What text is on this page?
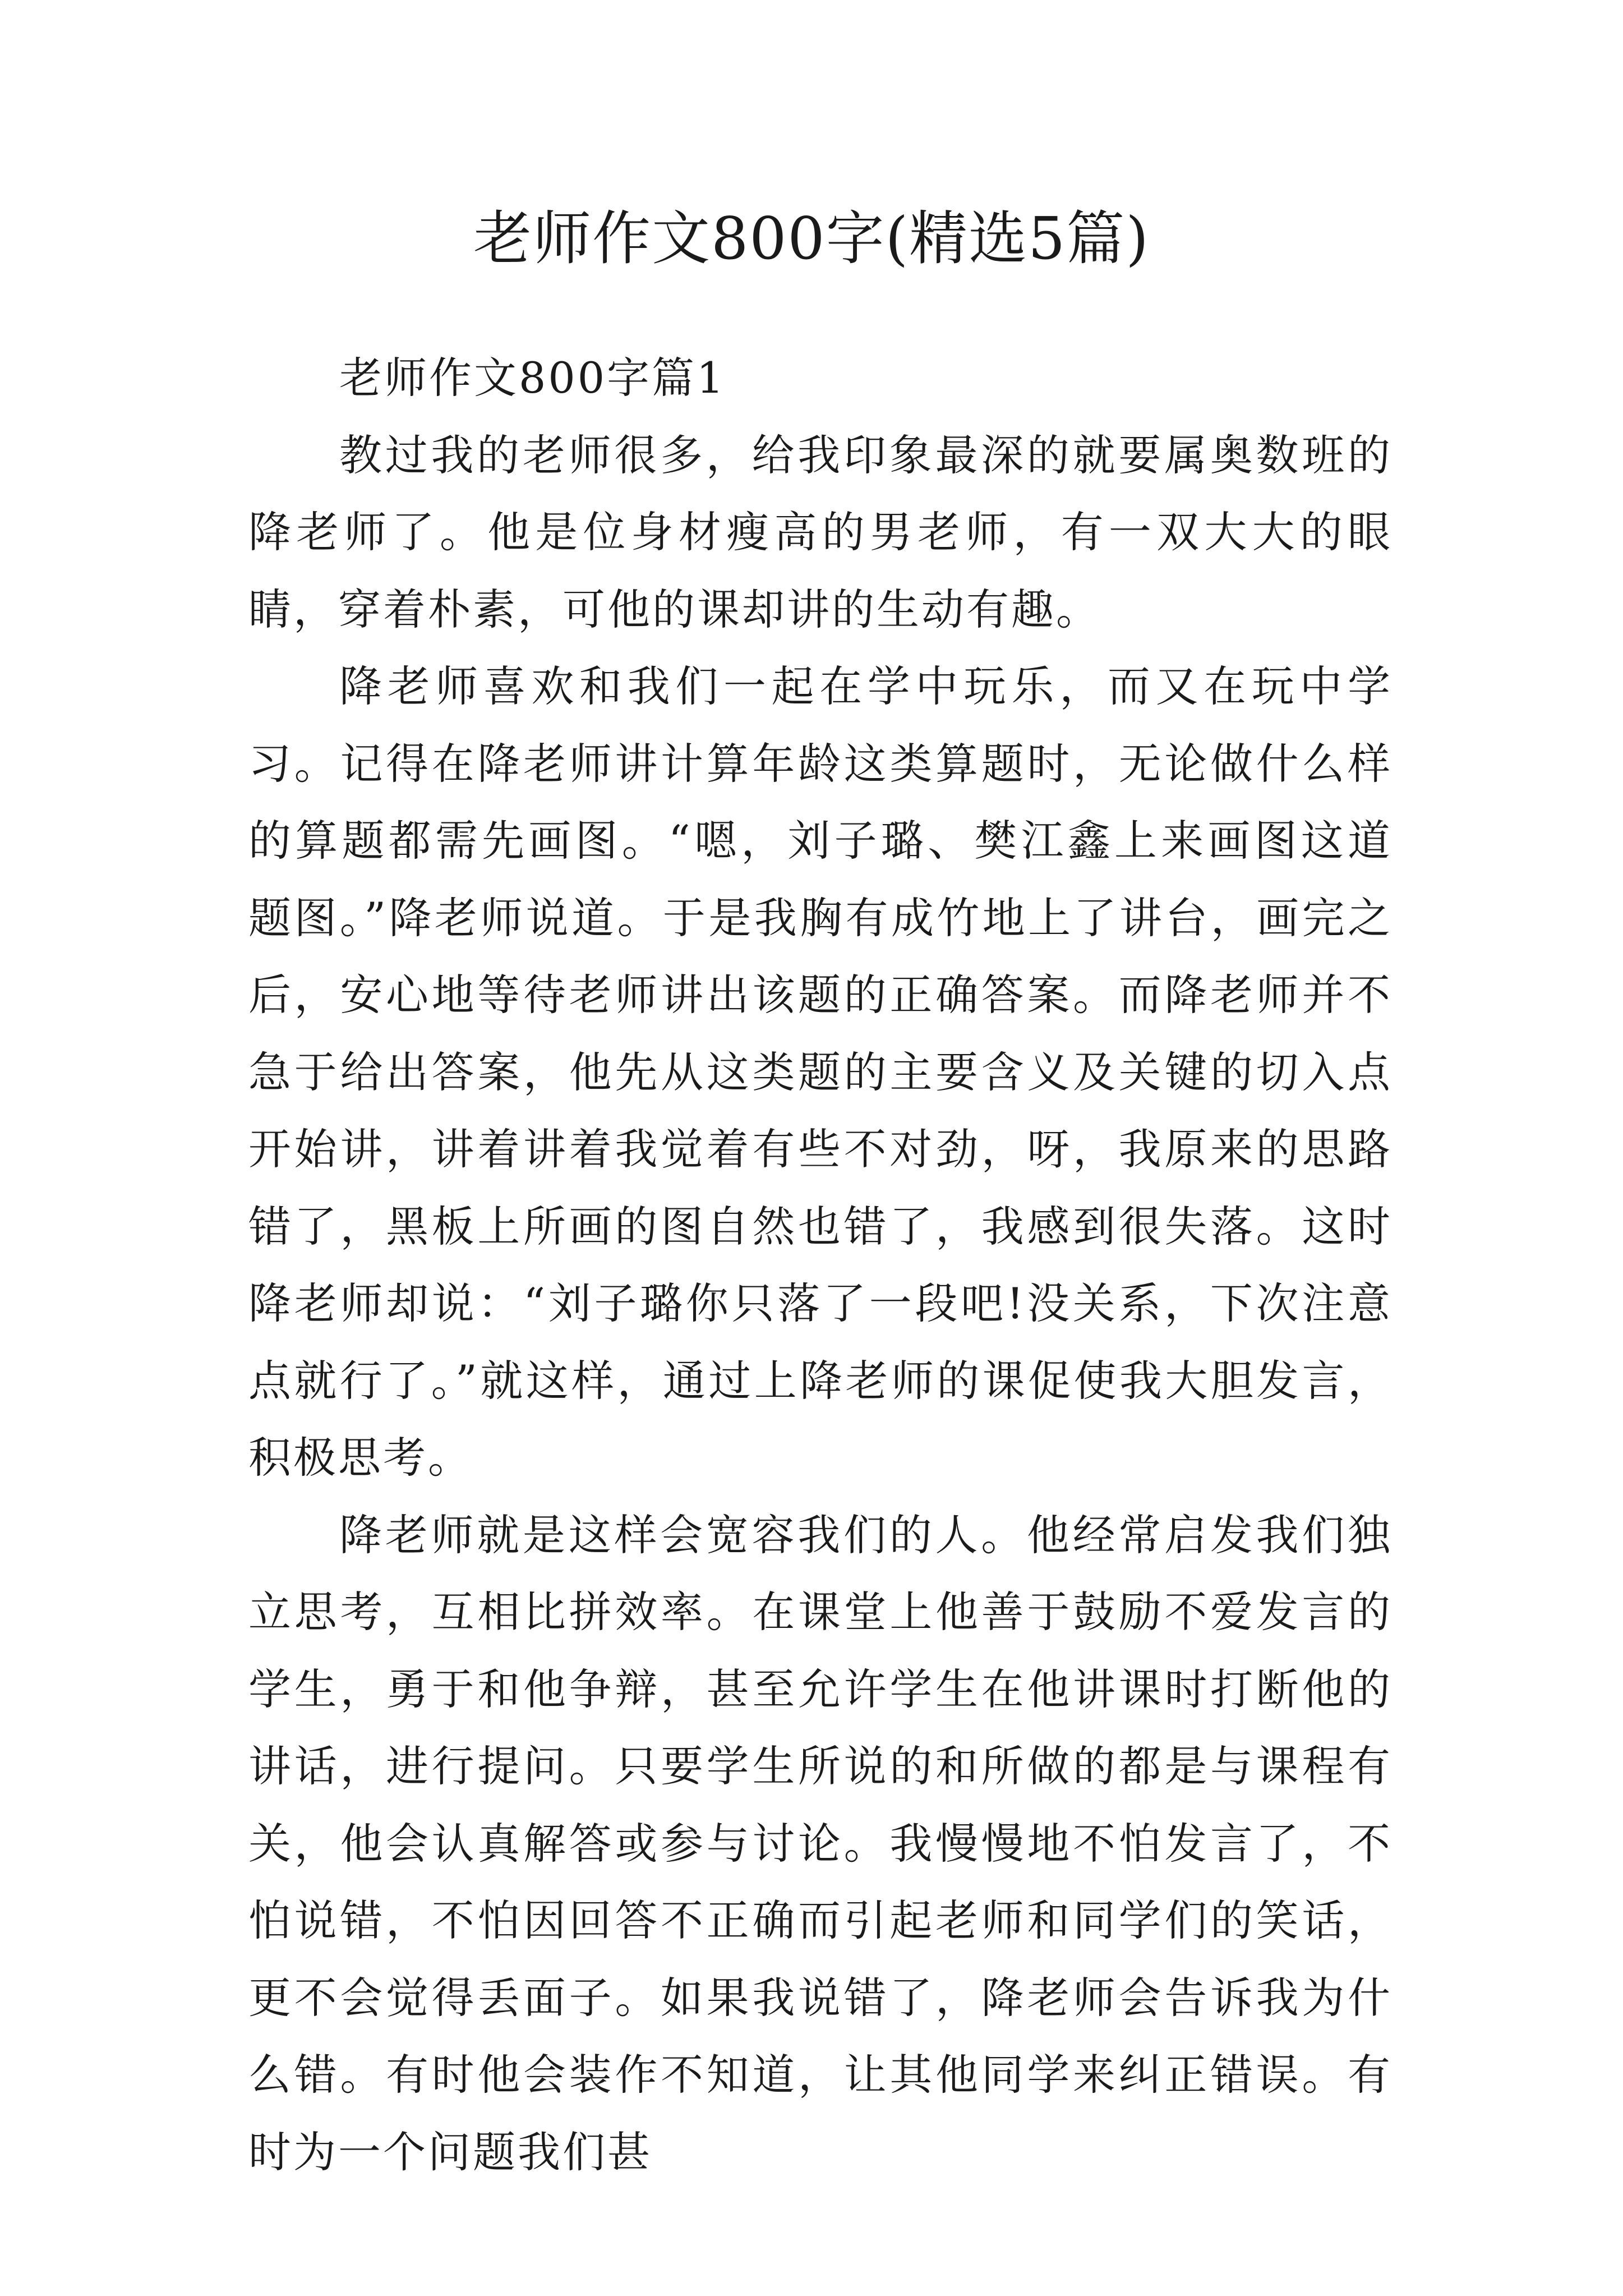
老师作文800字(精选5篇)

老师作文800字篇1

教过我的老师很多，给我印象最深的就要属奥数班的降老师了。他是位身材瘦高的男老师，有一双大大的眼睛，穿着朴素，可他的课却讲的生动有趣。

降老师喜欢和我们一起在学中玩乐，而又在玩中学习。记得在降老师讲计算年龄这类算题时，无论做什么样的算题都需先画图。“嗯，刘子璐、樊江鑫上来画图这道题图。”降老师说道。于是我胸有成竹地上了讲台，画完之后，安心地等待老师讲出该题的正确答案。而降老师并不急于给出答案，他先从这类题的主要含义及关键的切入点开始讲，讲着讲着我觉着有些不对劲，呀，我原来的思路错了，黑板上所画的图自然也错了，我感到很失落。这时降老师却说：“刘子璐你只落了一段吧!没关系，下次注意点就行了。”就这样，通过上降老师的课促使我大胆发言，积极思考。

降老师就是这样会宽容我们的人。他经常启发我们独立思考，互相比拼效率。在课堂上他善于鼓励不爱发言的学生，勇于和他争辩，甚至允许学生在他讲课时打断他的讲话，进行提问。只要学生所说的和所做的都是与课程有关，他会认真解答或参与讨论。我慢慢地不怕发言了，不怕说错，不怕因回答不正确而引起老师和同学们的笑话，更不会觉得丢面子。如果我说错了，降老师会告诉我为什么错。有时他会装作不知道，让其他同学来纠正错误。有时为一个问题我们甚
